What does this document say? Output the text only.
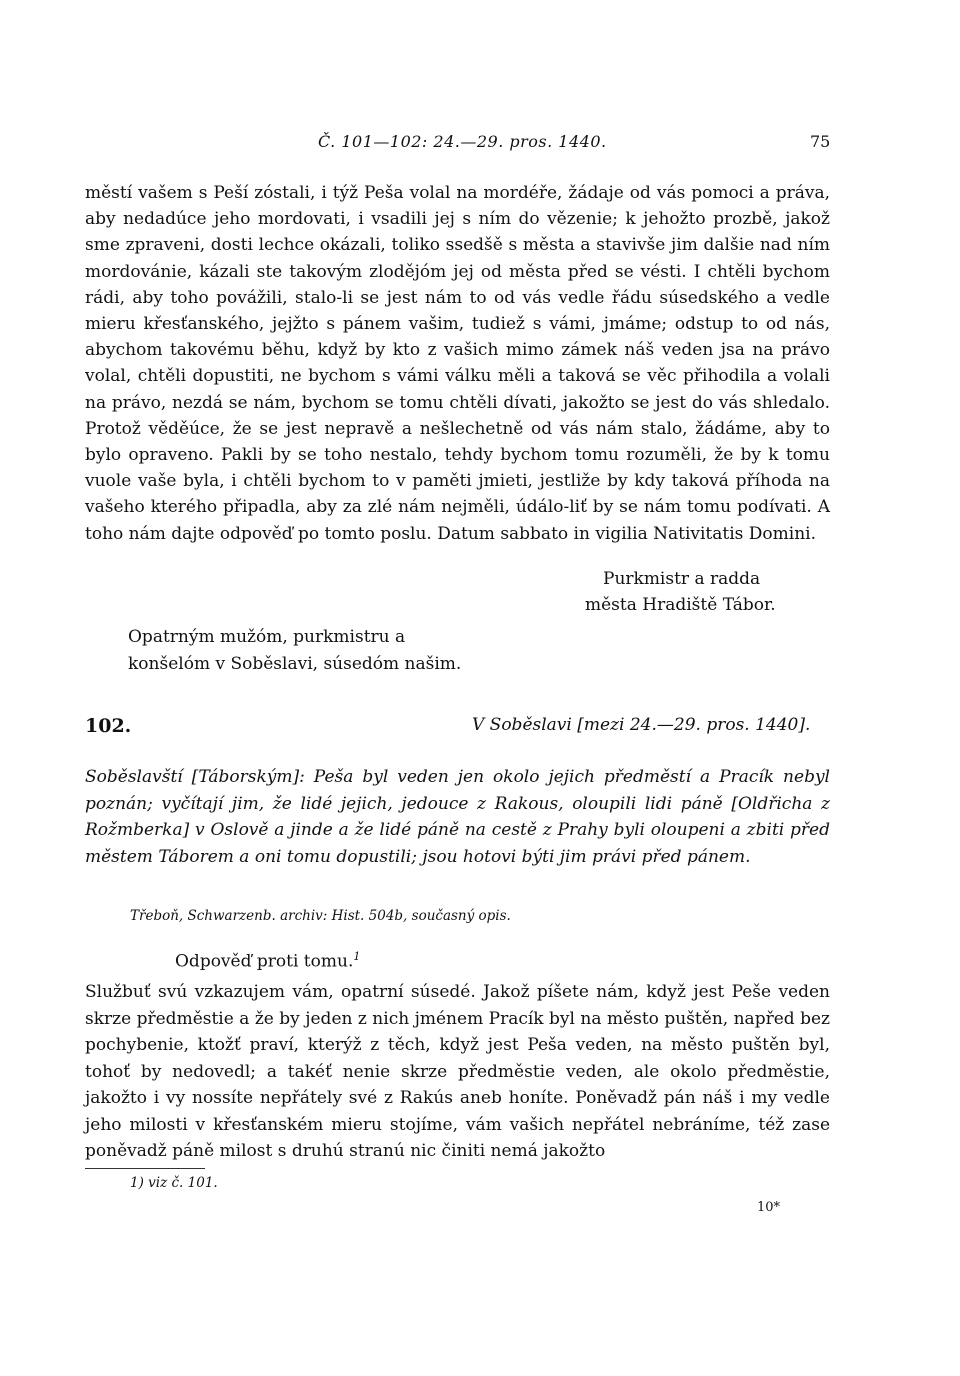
Č. 101—102: 24.—29. pros. 1440.	75

městí vašem s Peší zóstali, i týž Peša volal na mordéře, žádaje od vás pomoci a práva, aby nedadúce jeho mordovati, i vsadili jej s ním do vězenie; k jehožto prozbě, jakož sme zpraveni, dosti lechce okázali, toliko ssedšě s města a stavivše jim dalšie nad ním mordovánie, kázali ste takovým zlodějóm jej od města před se vésti. I chtěli bychom rádi, aby toho povážili, stalo-li se jest nám to od vás vedle řádu súsedského a vedle mieru křesťanského, jejžto s pánem vašim, tudiež s vámi, jmáme; odstup to od nás, abychom takovému běhu, když by kto z vašich mimo zámek náš veden jsa na právo volal, chtěli dopustiti, ne bychom s vámi válku měli a taková se věc přihodila a volali na právo, nezdá se nám, bychom se tomu chtěli dívati, jakožto se jest do vás shledalo. Protož věděúce, že se jest nepravě a nešlechetně od vás nám stalo, žádáme, aby to bylo opraveno. Pakli by se toho nestalo, tehdy bychom tomu rozuměli, že by k tomu vuole vaše byla, i chtěli bychom to v paměti jmieti, jestliže by kdy taková příhoda na vašeho kterého připadla, aby za zlé nám nejměli, údálo-liť by se nám tomu podívati. A toho nám dajte odpověď po tomto poslu. Datum sabbato in vigilia Nativitatis Domini.

Purkmistr a radda
města Hradiště Tábor.
Opatrným mužóm, purkmistru a
konšelóm v Soběslavi, súsedóm našim.
102.	V Soběslavi [mezi 24.—29. pros. 1440].
Soběslavští [Táborským]: Peša byl veden jen okolo jejich předměstí a Pracík nebyl poznán; vyčítají jim, že lidé jejich, jedouce z Rakous, oloupili lidi páně [Oldřicha z Rožmberka] v Oslově a jinde a že lidé páně na cestě z Prahy byli oloupeni a zbiti před městem Táborem a oni tomu dopustili; jsou hotovi býti jim právi před pánem.
Třeboň, Schwarzenb. archiv: Hist. 504b, současný opis.
Odpověď proti tomu.$^1$

Službuť svú vzkazujem vám, opatrní súsedé. Jakož píšete nám, když jest Peše veden skrze předměstie a že by jeden z nich jménem Pracík byl na město puštěn, napřed bez pochybenie, ktožť praví, kterýž z těch, když jest Peša veden, na město puštěn byl, tohoť by nedovedl; a takéť nenie skrze předměstie veden, ale okolo předměstie, jakožto i vy nossíte nepřátely své z Rakús aneb honíte. Poněvadž pán náš i my vedle jeho milosti v křesťanském mieru stojíme, vám vašich nepřátel nebráníme, též zase poněvadž páně milost s druhú stranú nic činiti nemá jakožto

1) viz č. 101.
10*
